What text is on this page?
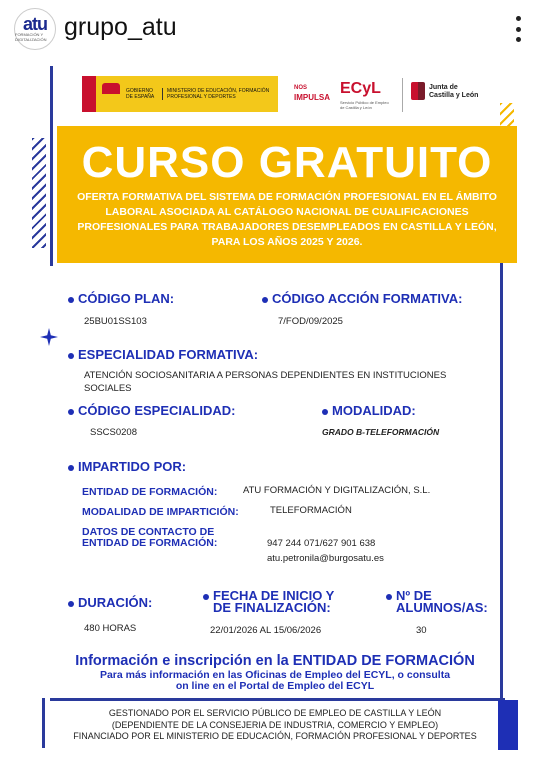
atu
FORMACIÓN Y DIGITALIZACIÓN grupo_atu
GOBIERNO DE ESPAÑA
MINISTERIO DE EDUCACIÓN, FORMACIÓN PROFESIONAL Y DEPORTES
NOS
IMPULSA
ECyL
Servicio Público de Empleo de Castilla y León
Junta de Castilla y León
CURSO GRATUITO
OFERTA FORMATIVA DEL SISTEMA DE FORMACIÓN PROFESIONAL EN EL ÁMBITO LABORAL ASOCIADA AL CATÁLOGO NACIONAL DE CUALIFICACIONES PROFESIONALES PARA TRABAJADORES DESEMPLEADOS EN CASTILLA Y LEÓN, PARA LOS AÑOS 2025 Y 2026.
CÓDIGO PLAN:
25BU01SS103
CÓDIGO ACCIÓN FORMATIVA:
7/FOD/09/2025
ESPECIALIDAD FORMATIVA:
ATENCIÓN SOCIOSANITARIA A PERSONAS DEPENDIENTES EN INSTITUCIONES SOCIALES
CÓDIGO ESPECIALIDAD:
SSCS0208
MODALIDAD:
GRADO B-TELEFORMACIÓN
IMPARTIDO POR:
ENTIDAD DE FORMACIÓN:	ATU FORMACIÓN Y DIGITALIZACIÓN, S.L.
MODALIDAD DE IMPARTICIÓN:	TELEFORMACIÓN
DATOS DE CONTACTO DE
ENTIDAD DE FORMACIÓN:	947 244 071/627 901 638
atu.petronila@burgosatu.es
DURACIÓN:
480 HORAS
FECHA DE INICIO Y
DE FINALIZACIÓN:
22/01/2026 AL 15/06/2026
Nº DE
ALUMNOS/AS:
30
Información e inscripción en la ENTIDAD DE FORMACIÓN
Para más información en las Oficinas de Empleo del ECYL, o consulta
on line en el Portal de Empleo del ECYL
GESTIONADO POR EL SERVICIO PÚBLICO DE EMPLEO DE CASTILLA Y LEÓN
(DEPENDIENTE DE LA CONSEJERIA DE INDUSTRIA, COMERCIO Y EMPLEO)
FINANCIADO POR EL MINISTERIO DE EDUCACIÓN, FORMACIÓN PROFESIONAL Y DEPORTES
